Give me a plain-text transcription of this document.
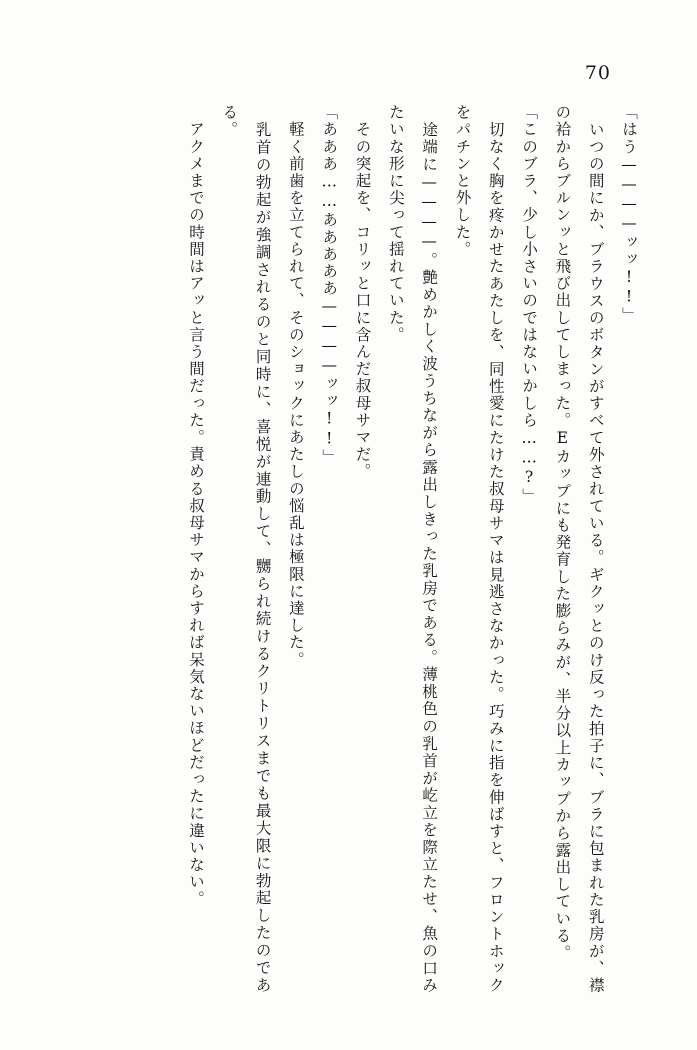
70

「はう————ッッ!!」

　いつの間にか、ブラウスのボタンがすべて外されている。ギクッとのけ反った拍子に、ブラに包まれた乳房が、襟の袷からブルンッと飛び出してしまった。Eカップにも発育した膨らみが、半分以上カップから露出している。

「このブラ、少し小さいのではないかしら……?」

　切なく胸を疼かせたあたしを、同性愛にたけた叔母サマは見逃さなかった。巧みに指を伸ばすと、フロントホックをパチンと外した。

　途端に————。艶めかしく波うちながら露出しきった乳房である。薄桃色の乳首が屹立を際立たせ、魚の口みたいな形に尖って揺れていた。

　その突起を、コリッと口に含んだ叔母サマだ。

「あああ……あああああ————ッッ!!」

　軽く前歯を立てられて、そのショックにあたしの悩乱は極限に達した。

　乳首の勃起が強調されるのと同時に、喜悦が連動して、嬲られ続けるクリトリスまでも最大限に勃起したのである。

　アクメまでの時間はアッと言う間だった。責める叔母サマからすれば呆気ないほどだったに違いない。
